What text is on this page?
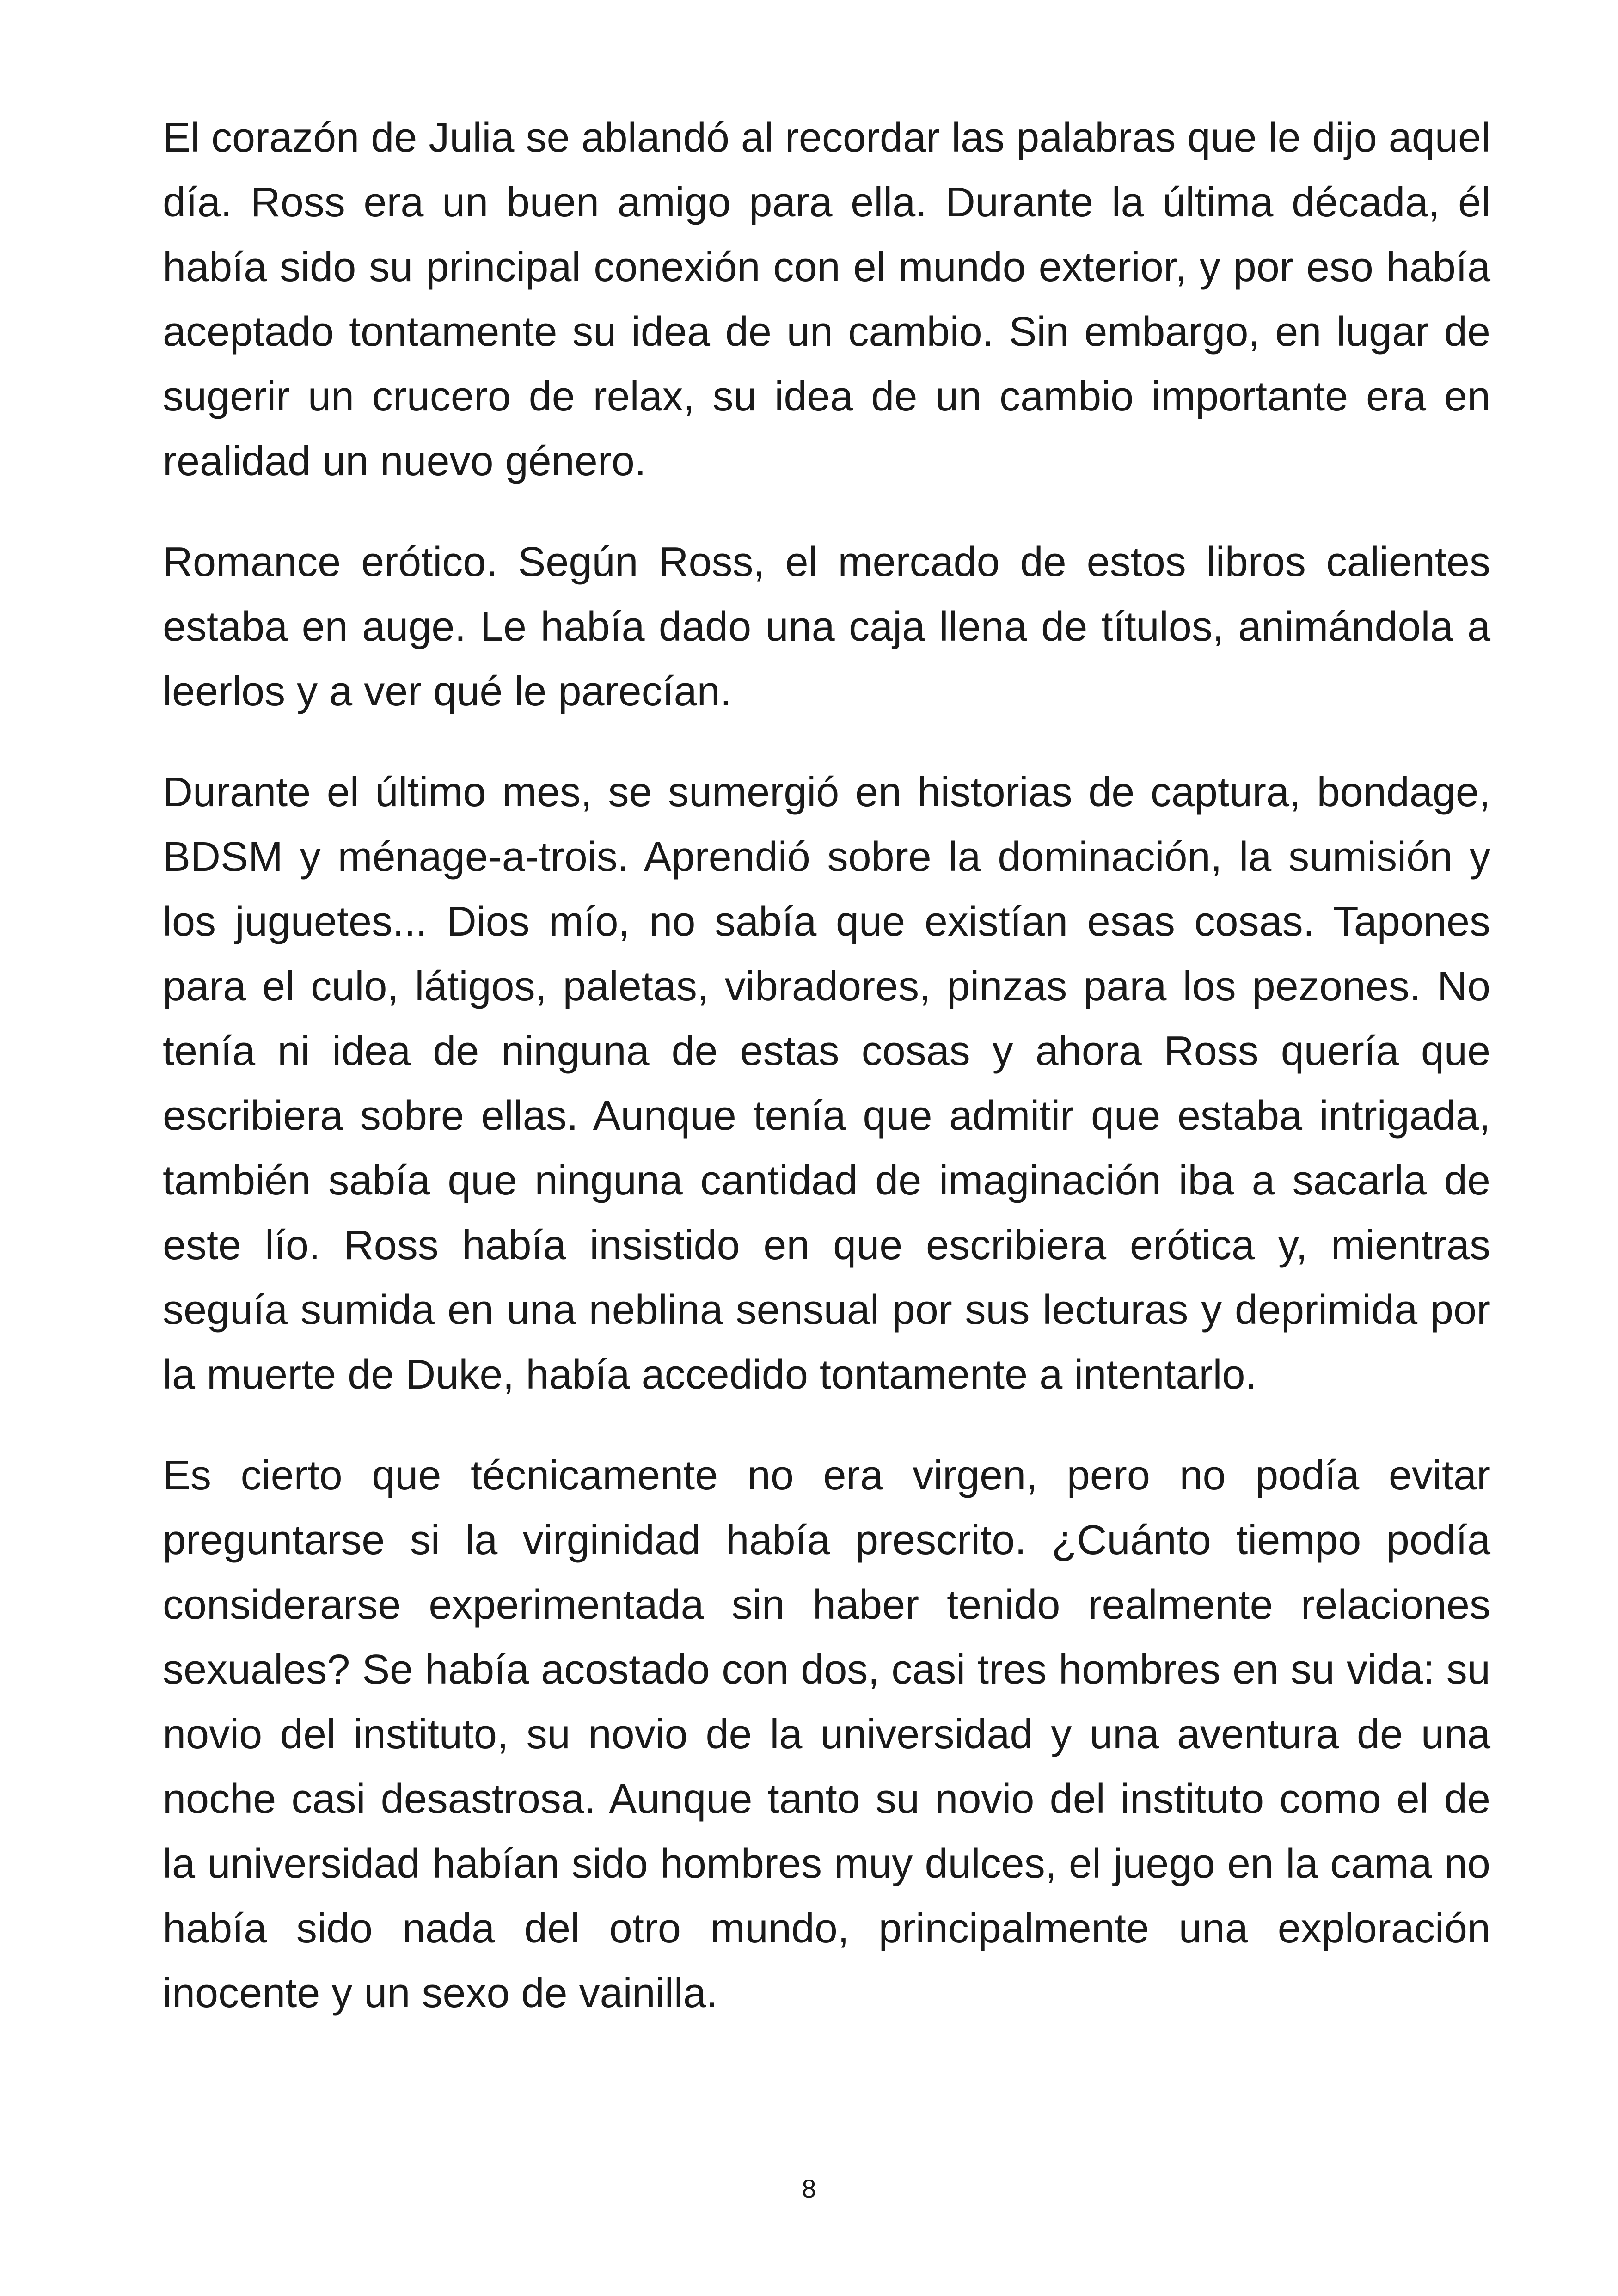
El corazón de Julia se ablandó al recordar las palabras que le dijo aquel día. Ross era un buen amigo para ella. Durante la última década, él había sido su principal conexión con el mundo exterior, y por eso había aceptado tontamente su idea de un cambio. Sin embargo, en lugar de sugerir un crucero de relax, su idea de un cambio importante era en realidad un nuevo género.

Romance erótico. Según Ross, el mercado de estos libros calientes estaba en auge. Le había dado una caja llena de títulos, animándola a leerlos y a ver qué le parecían.

Durante el último mes, se sumergió en historias de captura, bondage, BDSM y ménage-a-trois. Aprendió sobre la dominación, la sumisión y los juguetes... Dios mío, no sabía que existían esas cosas. Tapones para el culo, látigos, paletas, vibradores, pinzas para los pezones. No tenía ni idea de ninguna de estas cosas y ahora Ross quería que escribiera sobre ellas. Aunque tenía que admitir que estaba intrigada, también sabía que ninguna cantidad de imaginación iba a sacarla de este lío. Ross había insistido en que escribiera erótica y, mientras seguía sumida en una neblina sensual por sus lecturas y deprimida por la muerte de Duke, había accedido tontamente a intentarlo.

Es cierto que técnicamente no era virgen, pero no podía evitar preguntarse si la virginidad había prescrito. ¿Cuánto tiempo podía considerarse experimentada sin haber tenido realmente relaciones sexuales? Se había acostado con dos, casi tres hombres en su vida: su novio del instituto, su novio de la universidad y una aventura de una noche casi desastrosa. Aunque tanto su novio del instituto como el de la universidad habían sido hombres muy dulces, el juego en la cama no había sido nada del otro mundo, principalmente una exploración inocente y un sexo de vainilla.

8
